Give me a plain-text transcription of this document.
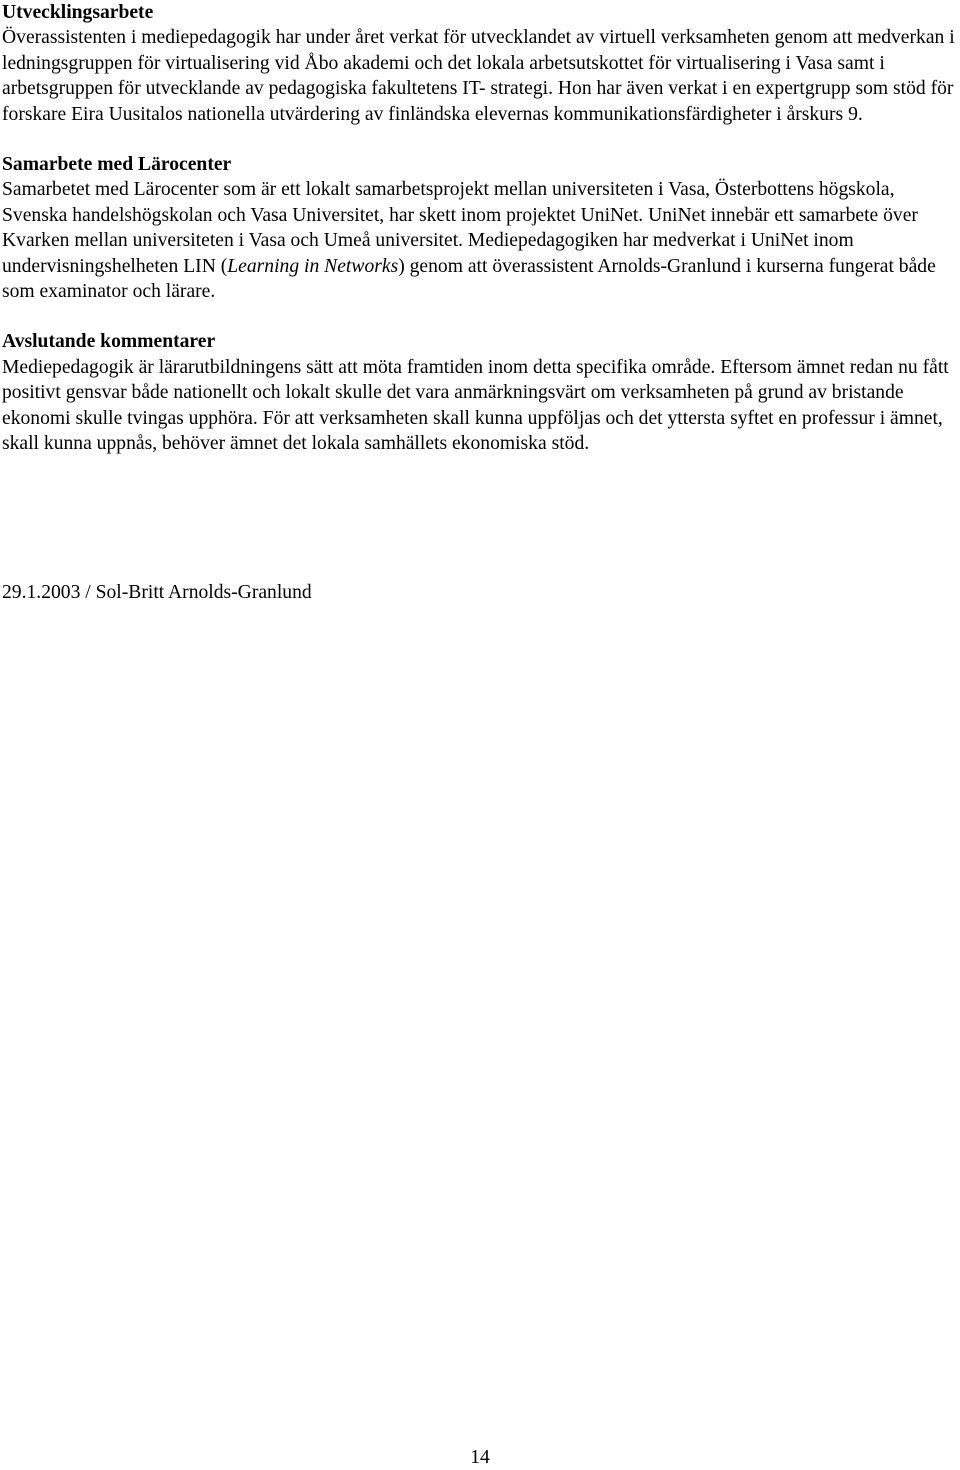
Utvecklingsarbete

Överassistenten i mediepedagogik har under året verkat för utvecklandet av virtuell verksamheten genom att medverkan i ledningsgruppen för virtualisering vid Åbo akademi och det lokala arbetsutskottet för virtualisering i Vasa samt i arbetsgruppen för utvecklande av pedagogiska fakultetens IT- strategi. Hon har även verkat i en expertgrupp som stöd för forskare Eira Uusitalos nationella utvärdering av finländska elevernas kommunikationsfärdigheter i årskurs 9.

Samarbete med Lärocenter

Samarbetet med Lärocenter som är ett lokalt samarbetsprojekt mellan universiteten i Vasa, Österbottens högskola, Svenska handelshögskolan och Vasa Universitet, har skett inom projektet UniNet. UniNet innebär ett samarbete över Kvarken mellan universiteten i Vasa och Umeå universitet. Mediepedagogiken har medverkat i UniNet inom undervisningshelheten LIN (Learning in Networks) genom att överassistent Arnolds-Granlund i kurserna fungerat både som examinator och lärare.

Avslutande kommentarer

Mediepedagogik är lärarutbildningens sätt att möta framtiden inom detta specifika område. Eftersom ämnet redan nu fått positivt gensvar både nationellt och lokalt skulle det vara anmärkningsvärt om verksamheten på grund av bristande ekonomi skulle tvingas upphöra. För att verksamheten skall kunna uppföljas och det yttersta syftet en professur i ämnet, skall kunna uppnås, behöver ämnet det lokala samhällets ekonomiska stöd.

29.1.2003 / Sol-Britt Arnolds-Granlund

14
